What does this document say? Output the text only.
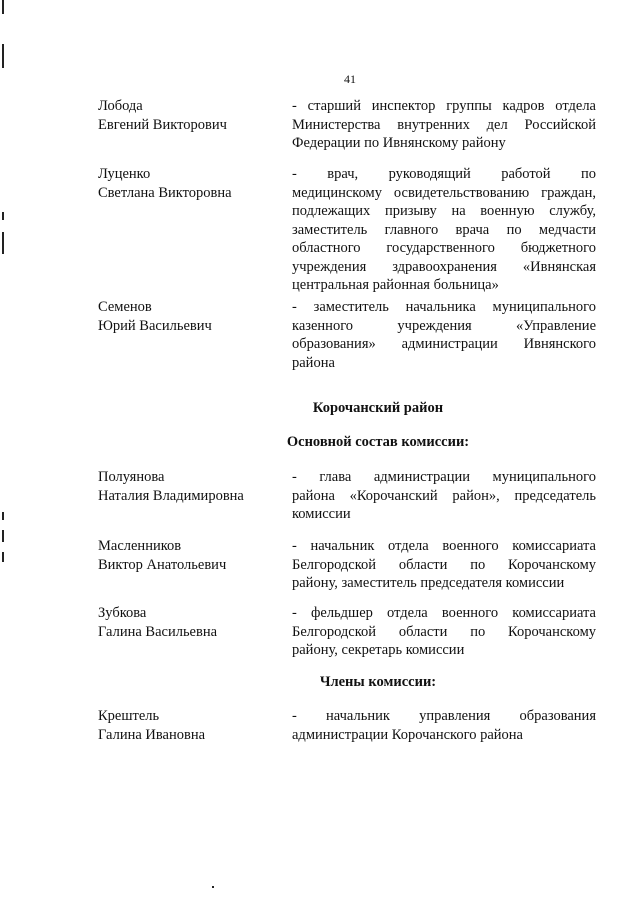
41
Лобода
Евгений Викторович
- старший инспектор группы кадров отдела
Министерства внутренних дел Российской
Федерации по Ивнянскому району
Луценко
Светлана Викторовна
- врач, руководящий работой по
медицинскому освидетельствованию граждан,
подлежащих призыву на военную службу,
заместитель главного врача по медчасти
областного государственного бюджетного
учреждения здравоохранения «Ивнянская
центральная районная больница»
Семенов
Юрий Васильевич
- заместитель начальника муниципального
казенного учреждения «Управление
образования» администрации Ивнянского
района
Корочанский район
Основной состав комиссии:
Полуянова
Наталия Владимировна
- глава администрации муниципального
района «Корочанский район», председатель
комиссии
Масленников
Виктор Анатольевич
- начальник отдела военного комиссариата
Белгородской области по Корочанскому
району, заместитель председателя комиссии
Зубкова
Галина Васильевна
- фельдшер отдела военного комиссариата
Белгородской области по Корочанскому
району, секретарь комиссии
Члены комиссии:
Крештель
Галина Ивановна
- начальник управления образования
администрации Корочанского района
